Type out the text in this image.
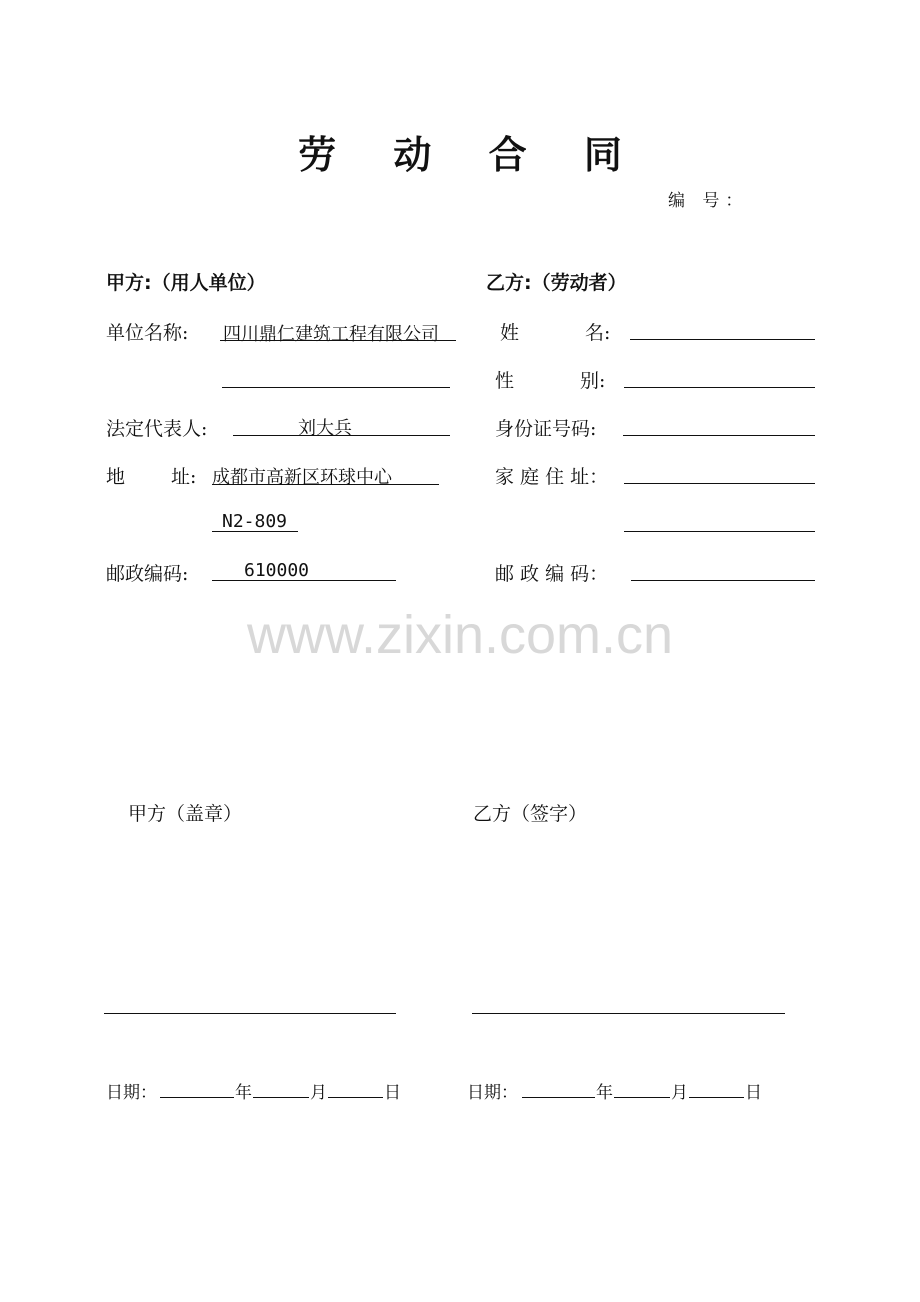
劳 动 合 同
编 号：
甲方:（用人单位）	乙方:（劳动者）
单位名称: 四川鼎仁建筑工程有限公司	姓	名:
性	别:
法定代表人:	刘大兵	身份证号码:
地 址: 成都市高新区环球中心	家 庭 住 址：
N2-809
邮政编码:	610000	邮 政 编 码：
www.zixin.com.cn
甲方（盖章）	乙方（签字）
日期：	年	月	日	日期：	年	月	日
